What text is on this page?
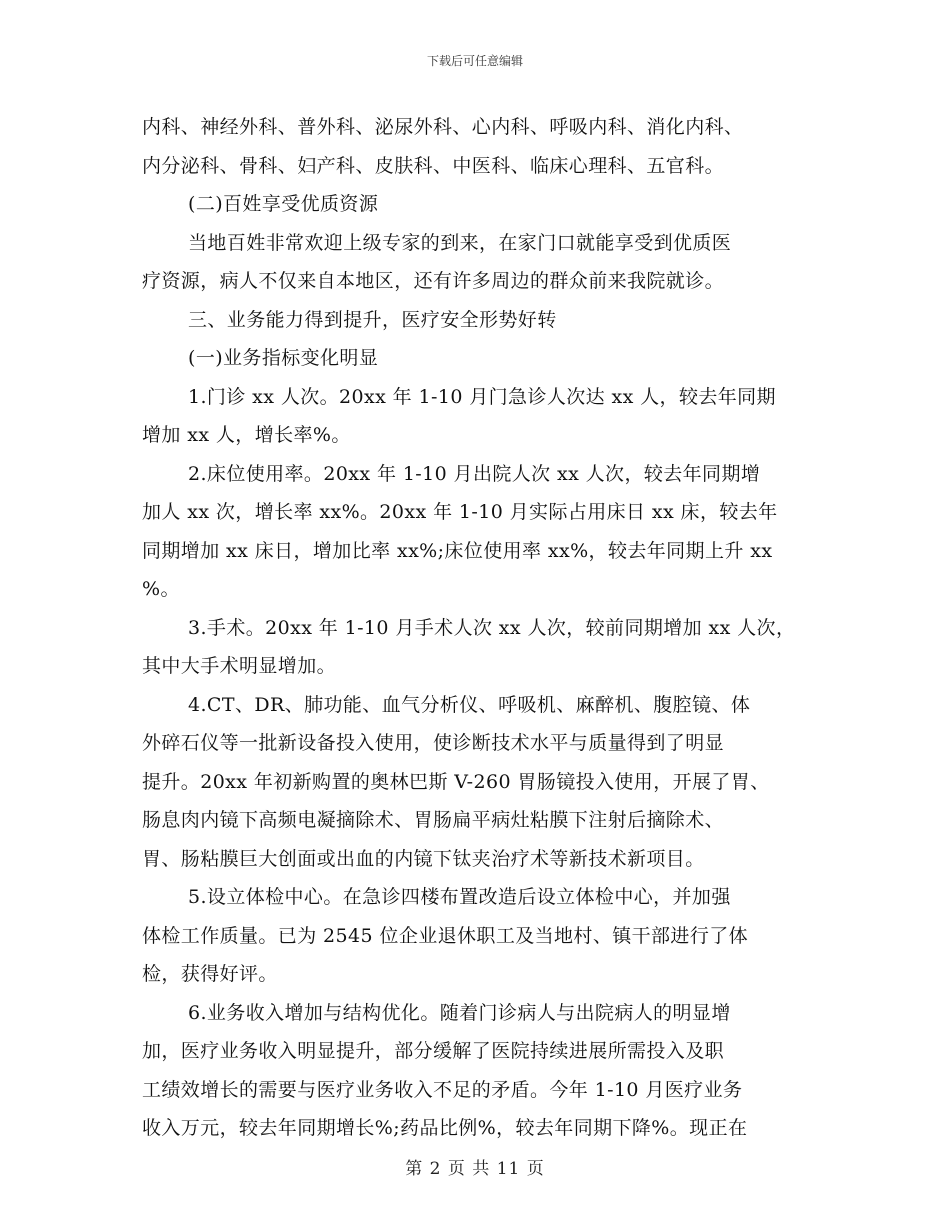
下载后可任意编辑
内科、神经外科、普外科、泌尿外科、心内科、呼吸内科、消化内科、
内分泌科、骨科、妇产科、皮肤科、中医科、临床心理科、五官科。
(二)百姓享受优质资源
当地百姓非常欢迎上级专家的到来，在家门口就能享受到优质医
疗资源，病人不仅来自本地区，还有许多周边的群众前来我院就诊。
三、业务能力得到提升，医疗安全形势好转
(一)业务指标变化明显
1.门诊 xx 人次。20xx 年 1-10 月门急诊人次达 xx 人，较去年同期
增加 xx 人，增长率%。
2.床位使用率。20xx 年 1-10 月出院人次 xx 人次，较去年同期增
加人 xx 次，增长率 xx%。20xx 年 1-10 月实际占用床日 xx 床，较去年
同期增加 xx 床日，增加比率 xx%;床位使用率 xx%，较去年同期上升 xx
%。
3.手术。20xx 年 1-10 月手术人次 xx 人次，较前同期增加 xx 人次，
其中大手术明显增加。
4.CT、DR、肺功能、血气分析仪、呼吸机、麻醉机、腹腔镜、体
外碎石仪等一批新设备投入使用，使诊断技术水平与质量得到了明显
提升。20xx 年初新购置的奥林巴斯 V-260 胃肠镜投入使用，开展了胃、
肠息肉内镜下高频电凝摘除术、胃肠扁平病灶粘膜下注射后摘除术、
胃、肠粘膜巨大创面或出血的内镜下钛夹治疗术等新技术新项目。
5.设立体检中心。在急诊四楼布置改造后设立体检中心，并加强
体检工作质量。已为 2545 位企业退休职工及当地村、镇干部进行了体
检，获得好评。
6.业务收入增加与结构优化。随着门诊病人与出院病人的明显增
加，医疗业务收入明显提升，部分缓解了医院持续进展所需投入及职
工绩效增长的需要与医疗业务收入不足的矛盾。今年 1-10 月医疗业务
收入万元，较去年同期增长%;药品比例%，较去年同期下降%。现正在
第 2 页 共 11 页
